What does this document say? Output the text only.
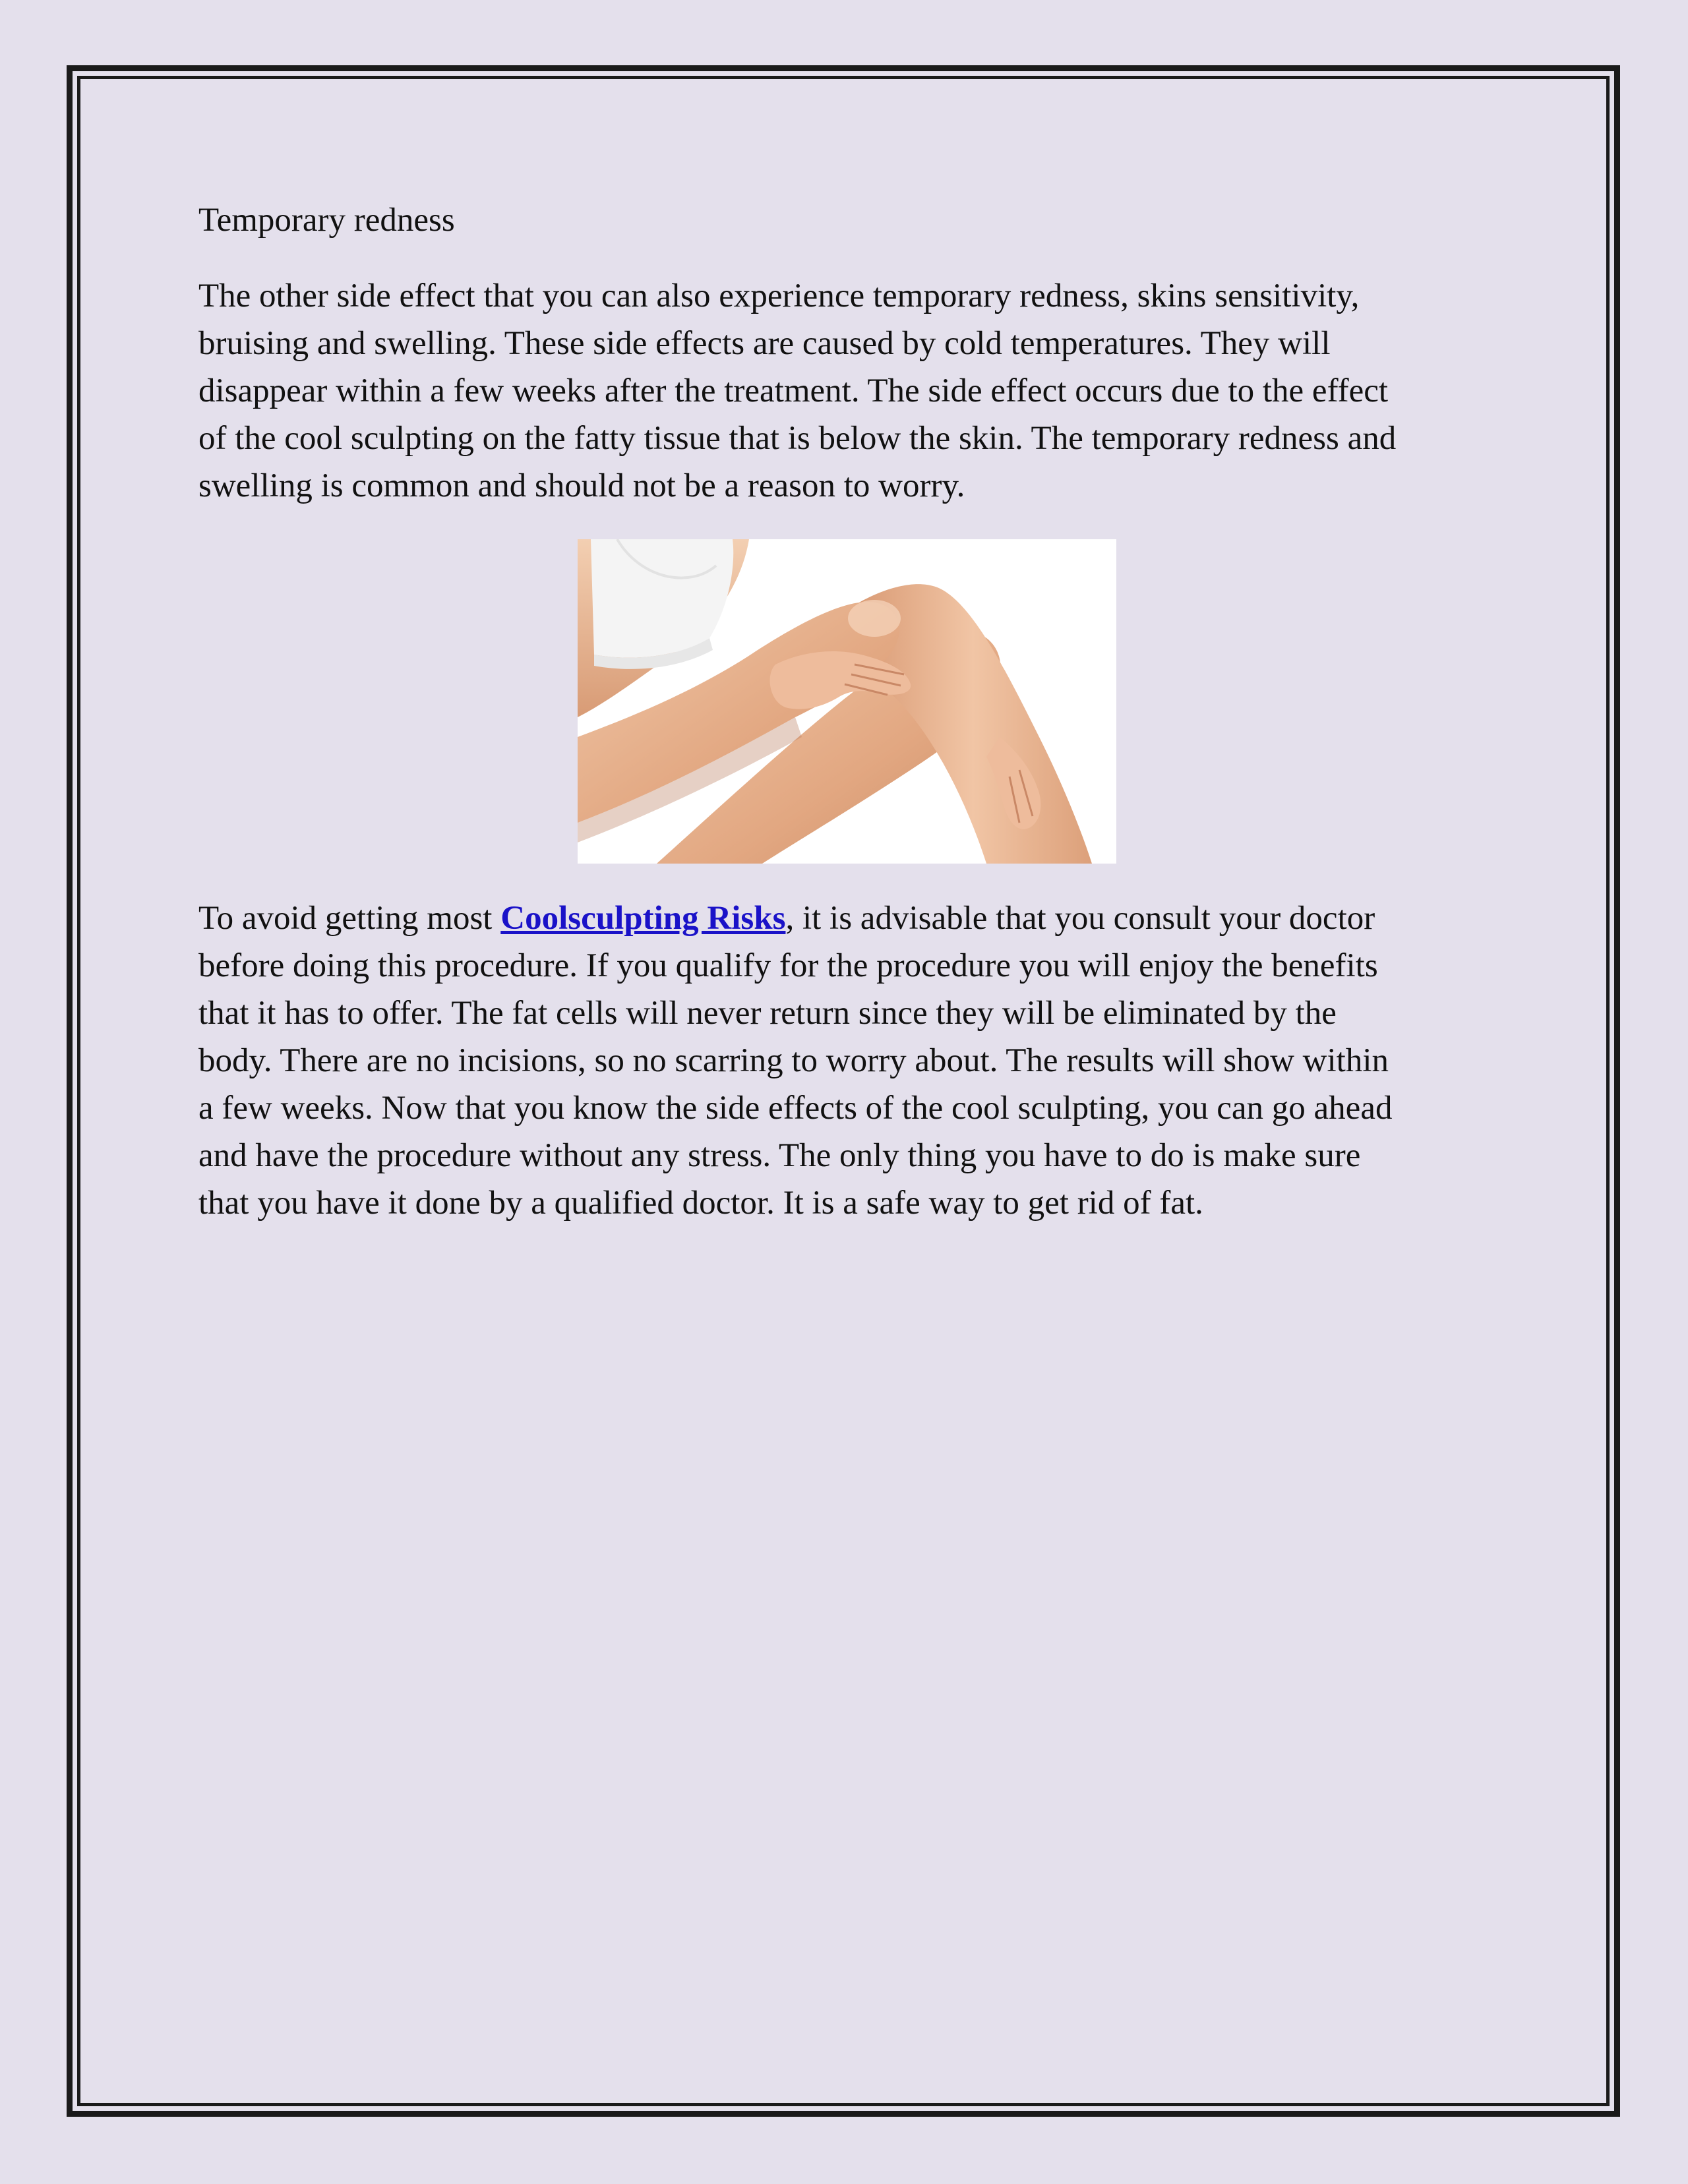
Temporary redness

The other side effect that you can also experience temporary redness, skins sensitivity,
bruising and swelling. These side effects are caused by cold temperatures. They will
disappear within a few weeks after the treatment. The side effect occurs due to the effect
of the cool sculpting on the fatty tissue that is below the skin. The temporary redness and
swelling is common and should not be a reason to worry.

To avoid getting most Coolsculpting Risks, it is advisable that you consult your doctor
before doing this procedure. If you qualify for the procedure you will enjoy the benefits
that it has to offer. The fat cells will never return since they will be eliminated by the
body. There are no incisions, so no scarring to worry about. The results will show within
a few weeks. Now that you know the side effects of the cool sculpting, you can go ahead
and have the procedure without any stress. The only thing you have to do is make sure
that you have it done by a qualified doctor. It is a safe way to get rid of fat.
